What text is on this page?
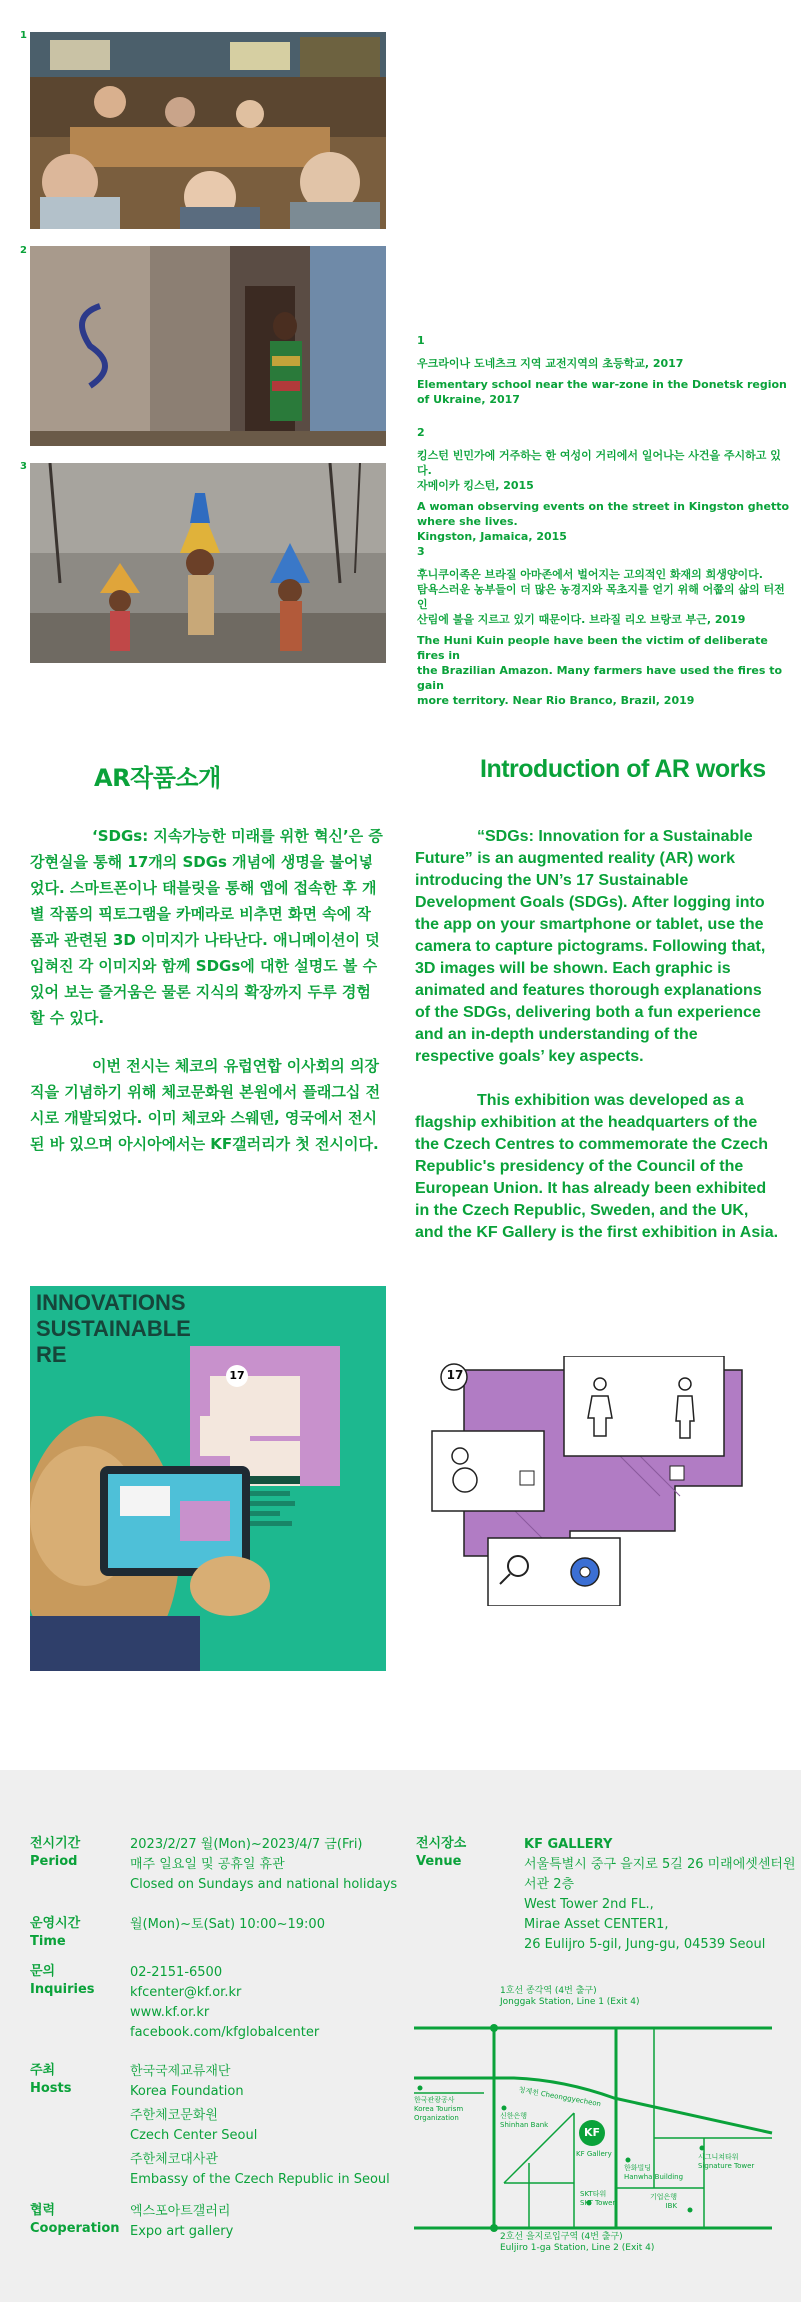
1
2
3
1
우크라이나 도네츠크 지역 교전지역의 초등학교, 2017
Elementary school near the war-zone in the Donetsk region of Ukraine, 2017
2
킹스턴 빈민가에 거주하는 한 여성이 거리에서 일어나는 사건을 주시하고 있다.
자메이카 킹스턴, 2015
A woman observing events on the street in Kingston ghetto
where she lives.
Kingston, Jamaica, 2015
3
후니쿠이족은 브라질 아마존에서 벌어지는 고의적인 화재의 희생양이다.
탐욕스러운 농부들이 더 많은 농경지와 목초지를 얻기 위해 어쭙의 삶의 터전인
산림에 불을 지르고 있기 때문이다. 브라질 리오 브랑코 부근, 2019
The Huni Kuin people have been the victim of deliberate fires in
the Brazilian Amazon. Many farmers have used the fires to gain
more territory. Near Rio Branco, Brazil, 2019
AR작품소개	Introduction of AR works

‘SDGs: 지속가능한 미래를 위한 혁신’은 증강현실을 통해 17개의 SDGs 개념에 생명을 불어넣었다. 스마트폰이나 태블릿을 통해 앱에 접속한 후 개별 작품의 픽토그램을 카메라로 비추면 화면 속에 작품과 관련된 3D 이미지가 나타난다. 애니메이션이 덧입혀진 각 이미지와 함께 SDGs에 대한 설명도 볼 수 있어 보는 즐거움은 물론 지식의 확장까지 두루 경험할 수 있다.

이번 전시는 체코의 유럽연합 이사회의 의장직을 기념하기 위해 체코문화원 본원에서 플래그십 전시로 개발되었다. 이미 체코와 스웨덴, 영국에서 전시된 바 있으며 아시아에서는 KF갤러리가 첫 전시이다.

“SDGs: Innovation for a Sustainable Future” is an augmented reality (AR) work introducing the UN’s 17 Sustainable Development Goals (SDGs). After logging into the app on your smartphone or tablet, use the camera to capture pictograms. Following that, 3D images will be shown. Each graphic is animated and features thorough explanations of the SDGs, delivering both a fun experience and an in-depth understanding of the respective goals’ key aspects.

This exhibition was developed as a flagship exhibition at the headquarters of the the Czech Centres to commemorate the Czech Republic's presidency of the Council of the European Union. It has already been exhibited in the Czech Republic, Sweden, and the UK, and the KF Gallery is the first exhibition in Asia.

INNOVATIONS
SUSTAINABLE
RE
17	17
전시기간
Period
2023/2/27 월(Mon)~2023/4/7 금(Fri)
매주 일요일 및 공휴일 휴관
Closed on Sundays and national holidays
운영시간
Time
월(Mon)~토(Sat) 10:00~19:00
문의
Inquiries
02-2151-6500
kfcenter@kf.or.kr
www.kf.or.kr
facebook.com/kfglobalcenter
주최
Hosts
한국국제교류재단
Korea Foundation
주한체코문화원
Czech Center Seoul
주한체코대사관
Embassy of the Czech Republic in Seoul
협력
Cooperation
엑스포아트갤러리
Expo art gallery
전시장소
Venue
KF GALLERY
서울특별시 중구 을지로 5길 26 미래에셋센터원
서관 2층
West Tower 2nd FL.,
Mirae Asset CENTER1,
26 Eulijro 5-gil, Jung-gu, 04539 Seoul
1호선 종각역 (4번 출구)
Jonggak Station, Line 1 (Exit 4)
청계천 Cheonggyecheon
한국관광공사
Korea Tourism Organization	신한은행
Shinhan Bank
KF
KF Gallery
한화빌딩
Hanwha Building
SKT타워
SKT Tower
기업은행
IBK
시그니쳐타워
Signature Tower
2호선 을지로입구역 (4번 출구)
Euljiro 1-ga Station, Line 2 (Exit 4)
